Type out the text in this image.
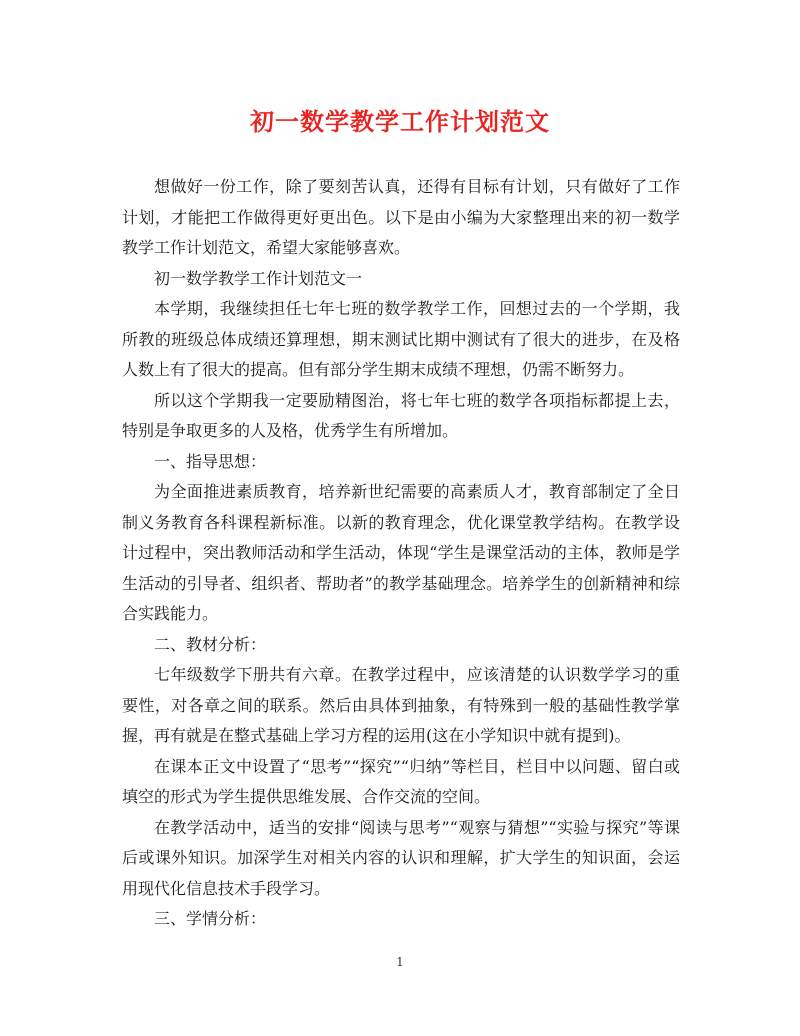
初一数学教学工作计划范文

想做好一份工作，除了要刻苦认真，还得有目标有计划，只有做好了工作计划，才能把工作做得更好更出色。以下是由小编为大家整理出来的初一数学教学工作计划范文，希望大家能够喜欢。

初一数学教学工作计划范文一

本学期，我继续担任七年七班的数学教学工作，回想过去的一个学期，我所教的班级总体成绩还算理想，期末测试比期中测试有了很大的进步，在及格人数上有了很大的提高。但有部分学生期末成绩不理想，仍需不断努力。

所以这个学期我一定要励精图治，将七年七班的数学各项指标都提上去，特别是争取更多的人及格，优秀学生有所增加。

一、指导思想：

为全面推进素质教育，培养新世纪需要的高素质人才，教育部制定了全日制义务教育各科课程新标准。以新的教育理念，优化课堂教学结构。在教学设计过程中，突出教师活动和学生活动，体现“学生是课堂活动的主体，教师是学生活动的引导者、组织者、帮助者”的教学基础理念。培养学生的创新精神和综合实践能力。

二、教材分析：

七年级数学下册共有六章。在教学过程中，应该清楚的认识数学学习的重要性，对各章之间的联系。然后由具体到抽象，有特殊到一般的基础性教学掌握，再有就是在整式基础上学习方程的运用(这在小学知识中就有提到)。

在课本正文中设置了“思考”“探究”“归纳”等栏目，栏目中以问题、留白或填空的形式为学生提供思维发展、合作交流的空间。

在教学活动中，适当的安排“阅读与思考”“观察与猜想”“实验与探究”等课后或课外知识。加深学生对相关内容的认识和理解，扩大学生的知识面，会运用现代化信息技术手段学习。

三、学情分析：

1
